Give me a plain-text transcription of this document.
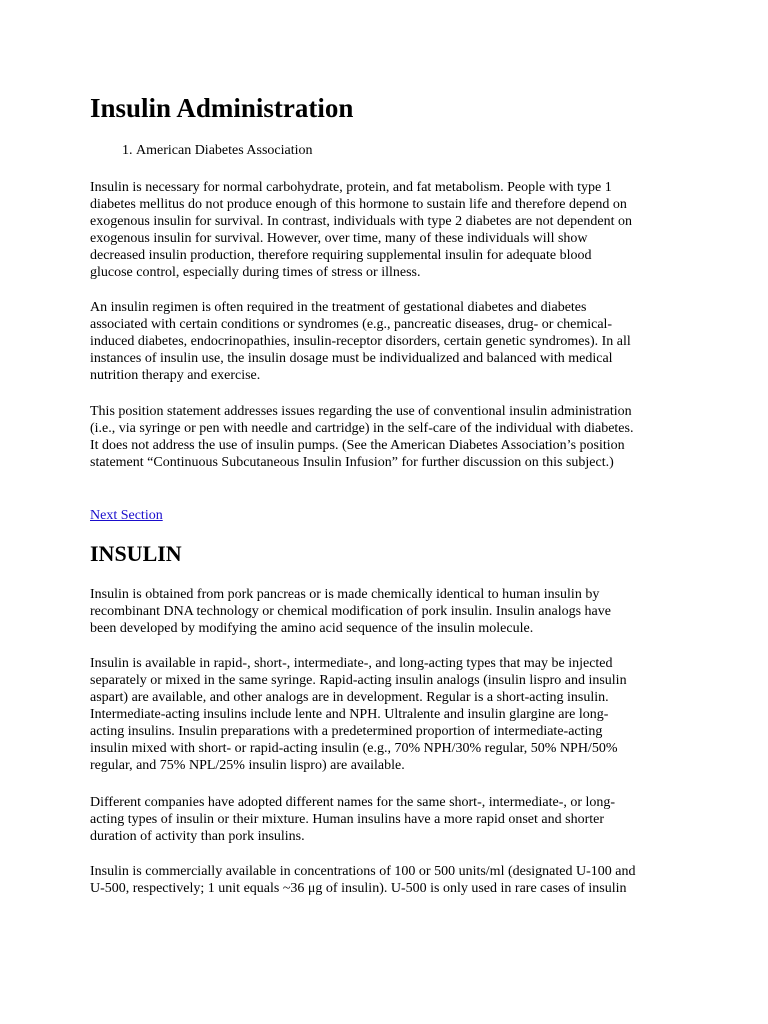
Insulin Administration
1. American Diabetes Association

Insulin is necessary for normal carbohydrate, protein, and fat metabolism. People with type 1
diabetes mellitus do not produce enough of this hormone to sustain life and therefore depend on
exogenous insulin for survival. In contrast, individuals with type 2 diabetes are not dependent on
exogenous insulin for survival. However, over time, many of these individuals will show
decreased insulin production, therefore requiring supplemental insulin for adequate blood
glucose control, especially during times of stress or illness.

An insulin regimen is often required in the treatment of gestational diabetes and diabetes
associated with certain conditions or syndromes (e.g., pancreatic diseases, drug- or chemical-
induced diabetes, endocrinopathies, insulin-receptor disorders, certain genetic syndromes). In all
instances of insulin use, the insulin dosage must be individualized and balanced with medical
nutrition therapy and exercise.

This position statement addresses issues regarding the use of conventional insulin administration
(i.e., via syringe or pen with needle and cartridge) in the self-care of the individual with diabetes.
It does not address the use of insulin pumps. (See the American Diabetes Association’s position
statement “Continuous Subcutaneous Insulin Infusion” for further discussion on this subject.)

Next Section
INSULIN

Insulin is obtained from pork pancreas or is made chemically identical to human insulin by
recombinant DNA technology or chemical modification of pork insulin. Insulin analogs have
been developed by modifying the amino acid sequence of the insulin molecule.

Insulin is available in rapid-, short-, intermediate-, and long-acting types that may be injected
separately or mixed in the same syringe. Rapid-acting insulin analogs (insulin lispro and insulin
aspart) are available, and other analogs are in development. Regular is a short-acting insulin.
Intermediate-acting insulins include lente and NPH. Ultralente and insulin glargine are long-
acting insulins. Insulin preparations with a predetermined proportion of intermediate-acting
insulin mixed with short- or rapid-acting insulin (e.g., 70% NPH/30% regular, 50% NPH/50%
regular, and 75% NPL/25% insulin lispro) are available.

Different companies have adopted different names for the same short-, intermediate-, or long-
acting types of insulin or their mixture. Human insulins have a more rapid onset and shorter
duration of activity than pork insulins.

Insulin is commercially available in concentrations of 100 or 500 units/ml (designated U-100 and
U-500, respectively; 1 unit equals ~36 μg of insulin). U-500 is only used in rare cases of insulin
